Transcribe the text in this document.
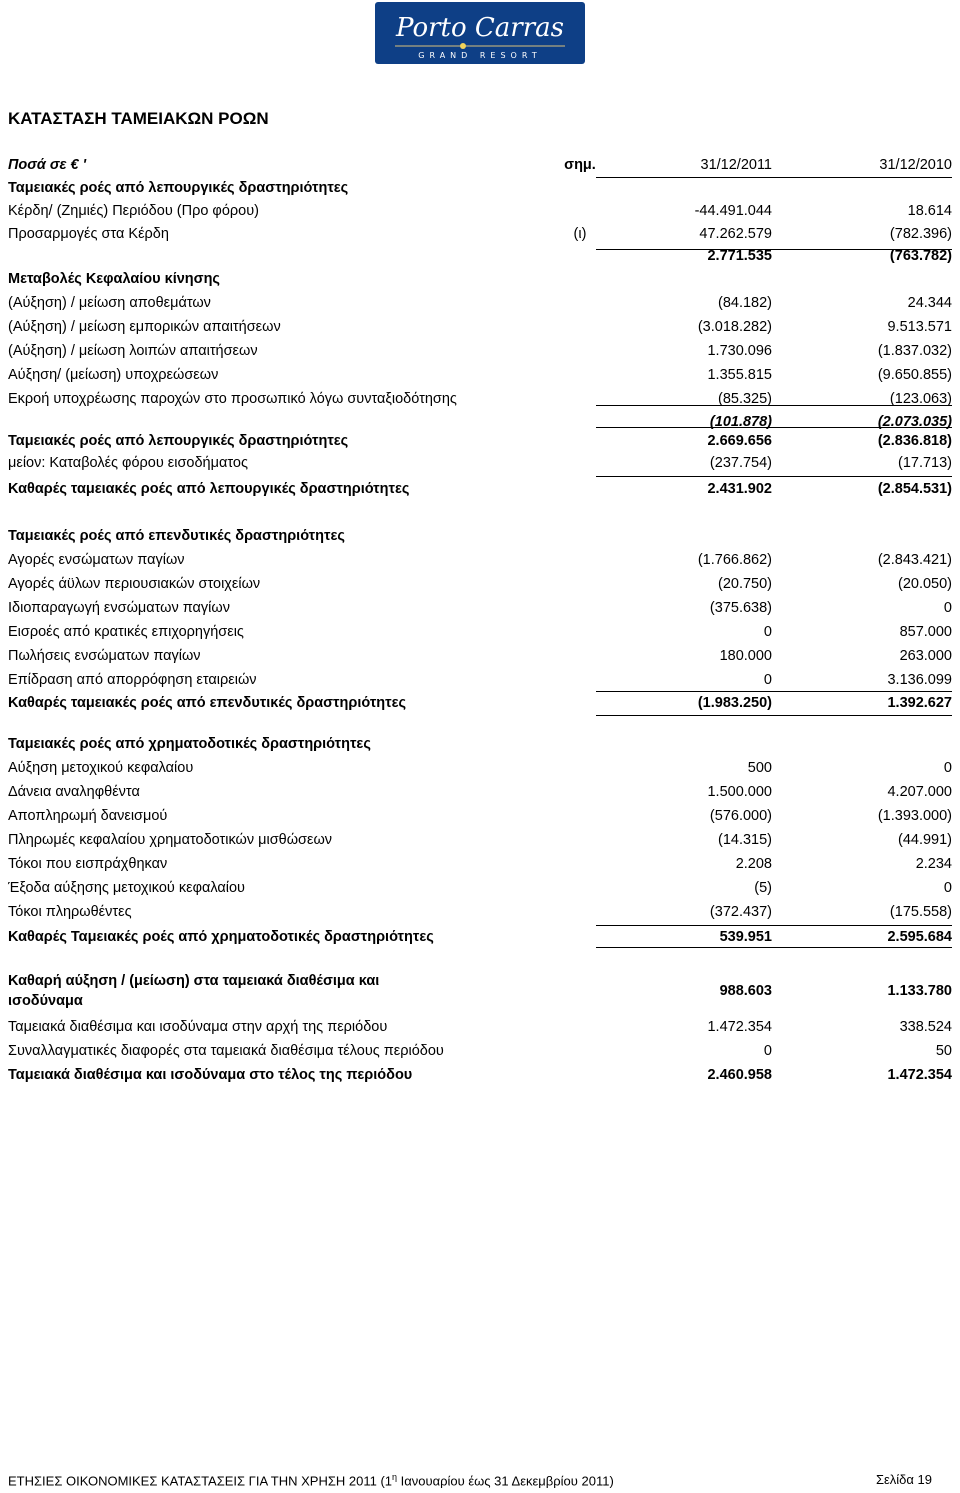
Porto Carras
GRAND RESORT
ΚΑΤΑΣΤΑΣΗ ΤΑΜΕΙΑΚΩΝ ΡΟΩΝ
Ποσά σε € '	σημ.	31/12/2011	31/12/2010
Ταμειακές ροές από λεπουργικές δραστηριότητες
Κέρδη/ (Ζημιές) Περιόδου (Προ φόρου)	-44.491.044	18.614
Προσαρμογές στα Κέρδη	(ι)	47.262.579	(782.396)
2.771.535	(763.782)
Μεταβολές Κεφαλαίου κίνησης
(Αύξηση) / μείωση αποθεμάτων	(84.182)	24.344
(Αύξηση) / μείωση εμπορικών απαιτήσεων	(3.018.282)	9.513.571
(Αύξηση) / μείωση λοιπών απαιτήσεων	1.730.096	(1.837.032)
Αύξηση/ (μείωση) υποχρεώσεων	1.355.815	(9.650.855)
Εκροή υποχρέωσης παροχών στο προσωπικό λόγω συνταξιοδότησης	(85.325)	(123.063)
(101.878)	(2.073.035)
Ταμειακές ροές από λεπουργικές δραστηριότητες	2.669.656	(2.836.818)
μείον: Καταβολές φόρου εισοδήματος	(237.754)	(17.713)
Καθαρές ταμειακές ροές από λεπουργικές δραστηριότητες	2.431.902	(2.854.531)
Ταμειακές ροές από επενδυτικές δραστηριότητες
Αγορές ενσώματων παγίων	(1.766.862)	(2.843.421)
Αγορές άϋλων περιουσιακών στοιχείων	(20.750)	(20.050)
Ιδιοπαραγωγή ενσώματων παγίων	(375.638)	0
Εισροές από κρατικές επιχορηγήσεις	0	857.000
Πωλήσεις ενσώματων παγίων	180.000	263.000
Επίδραση από απορρόφηση εταιρειών	0	3.136.099
Καθαρές ταμειακές ροές από επενδυτικές δραστηριότητες	(1.983.250)	1.392.627
Ταμειακές ροές από χρηματοδοτικές δραστηριότητες
Αύξηση μετοχικού κεφαλαίου	500	0
Δάνεια αναληφθέντα	1.500.000	4.207.000
Αποπληρωμή δανεισμού	(576.000)	(1.393.000)
Πληρωμές κεφαλαίου χρηματοδοτικών μισθώσεων	(14.315)	(44.991)
Τόκοι που εισπράχθηκαν	2.208	2.234
Έξοδα αύξησης μετοχικού κεφαλαίου	(5)	0
Τόκοι πληρωθέντες	(372.437)	(175.558)
Καθαρές Ταμειακές ροές από χρηματοδοτικές δραστηριότητες	539.951	2.595.684
Καθαρή αύξηση / (μείωση) στα ταμειακά διαθέσιμα και
ισοδύναμα
988.603	1.133.780
Ταμειακά διαθέσιμα και ισοδύναμα στην αρχή της περιόδου	1.472.354	338.524
Συναλλαγματικές διαφορές στα ταμειακά διαθέσιμα τέλους περιόδου	0	50
Ταμειακά διαθέσιμα και ισοδύναμα στο τέλος της περιόδου	2.460.958	1.472.354
ΕΤΗΣΙΕΣ ΟΙΚΟΝΟΜΙΚΕΣ ΚΑΤΑΣΤΑΣΕΙΣ ΓΙΑ ΤΗΝ ΧΡΗΣΗ 2011 ($1^\eta$ Ιανουαρίου έως 31 Δεκεμβρίου 2011)	Σελίδα 19
